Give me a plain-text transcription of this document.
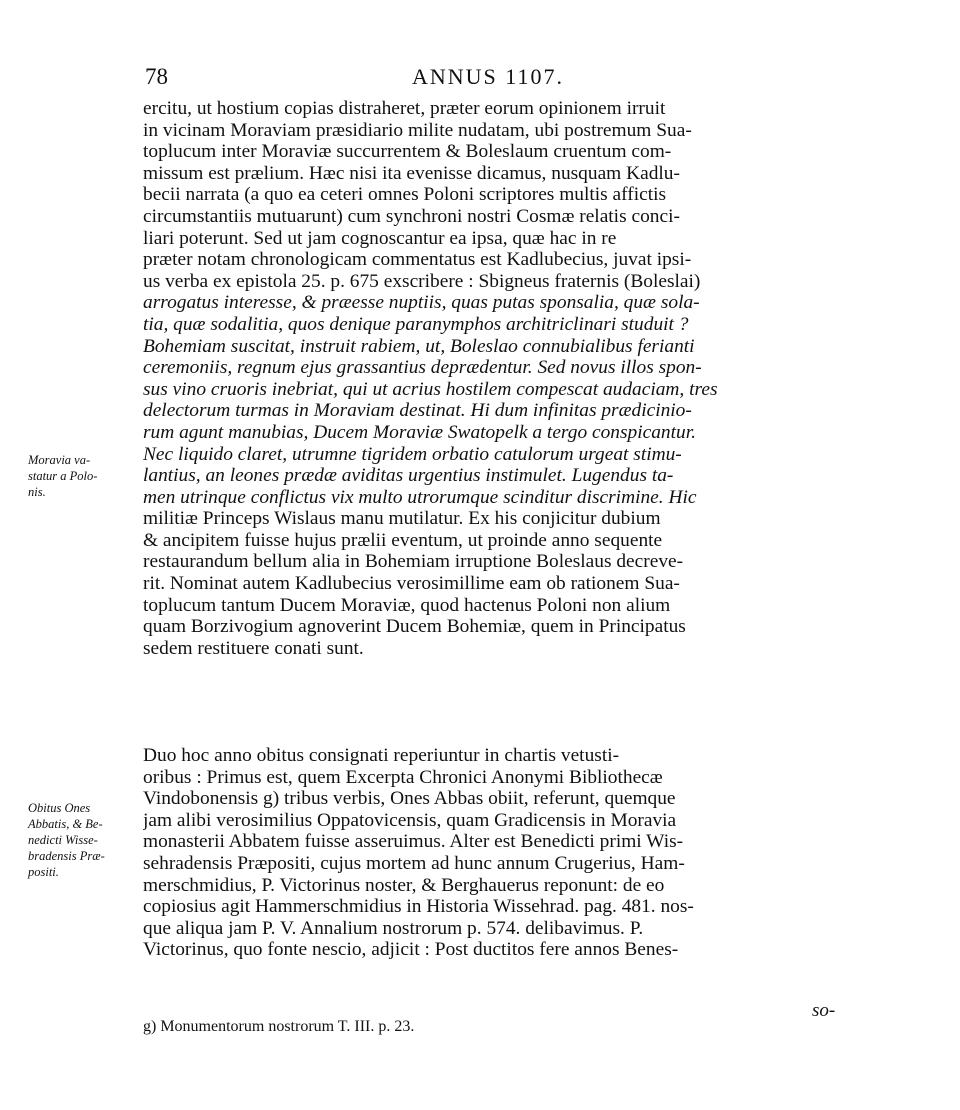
78	ANNUS 1107.
ercitu, ut hostium copias distraheret, præter eorum opinionem irruit
in vicinam Moraviam præsidiario milite nudatam, ubi postremum Sua-
toplucum inter Moraviæ succurrentem & Boleslaum cruentum com-
missum est prælium. Hæc nisi ita evenisse dicamus, nusquam Kadlu-
becii narrata (a quo ea ceteri omnes Poloni scriptores multis affictis
circumstantiis mutuarunt) cum synchroni nostri Cosmæ relatis conci-
liari poterunt. Sed ut jam cognoscantur ea ipsa, quæ hac in re
præter notam chronologicam commentatus est Kadlubecius, juvat ipsi-
us verba ex epistola 25. p. 675 exscribere : Sbigneus fraternis (Boleslai)
arrogatus interesse, & præesse nuptiis, quas putas sponsalia, quæ sola-
tia, quæ sodalitia, quos denique paranymphos architriclinari studuit ?
Bohemiam suscitat, instruit rabiem, ut, Boleslao connubialibus ferianti
ceremoniis, regnum ejus grassantius deprædentur. Sed novus illos spon-
sus vino cruoris inebriat, qui ut acrius hostilem compescat audaciam, tres
delectorum turmas in Moraviam destinat. Hi dum infinitas prædicinio-
rum agunt manubias, Ducem Moraviæ Swatopelk a tergo conspicantur.
Nec liquido claret, utrumne tigridem orbatio catulorum urgeat stimu-
lantius, an leones prædæ aviditas urgentius instimulet. Lugendus ta-
men utrinque conflictus vix multo utrorumque scinditur discrimine. Hic
militiæ Princeps Wislaus manu mutilatur. Ex his conjicitur dubium
& ancipitem fuisse hujus prælii eventum, ut proinde anno sequente
restaurandum bellum alia in Bohemiam irruptione Boleslaus decreve-
rit. Nominat autem Kadlubecius verosimillime eam ob rationem Sua-
toplucum tantum Ducem Moraviæ, quod hactenus Poloni non alium
quam Borzivogium agnoverint Ducem Bohemiæ, quem in Principatus
sedem restituere conati sunt.
Duo hoc anno obitus consignati reperiuntur in chartis vetusti-
oribus : Primus est, quem Excerpta Chronici Anonymi Bibliothecæ
Vindobonensis g) tribus verbis, Ones Abbas obiit, referunt, quemque
jam alibi verosimilius Oppatovicensis, quam Gradicensis in Moravia
monasterii Abbatem fuisse asseruimus. Alter est Benedicti primi Wis-
sehradensis Præpositi, cujus mortem ad hunc annum Crugerius, Ham-
merschmidius, P. Victorinus noster, & Berghauerus reponunt: de eo
copiosius agit Hammerschmidius in Historia Wissehrad. pag. 481. nos-
que aliqua jam P. V. Annalium nostrorum p. 574. delibavimus. P.
Victorinus, quo fonte nescio, adjicit : Post ductitos fere annos Benes-
Moravia va-
statur a Polo-
nis.
Obitus Ones
Abbatis, & Be-
nedicti Wisse-
bradensis Præ-
positi.
so-
g) Monumentorum nostrorum T. III. p. 23.
